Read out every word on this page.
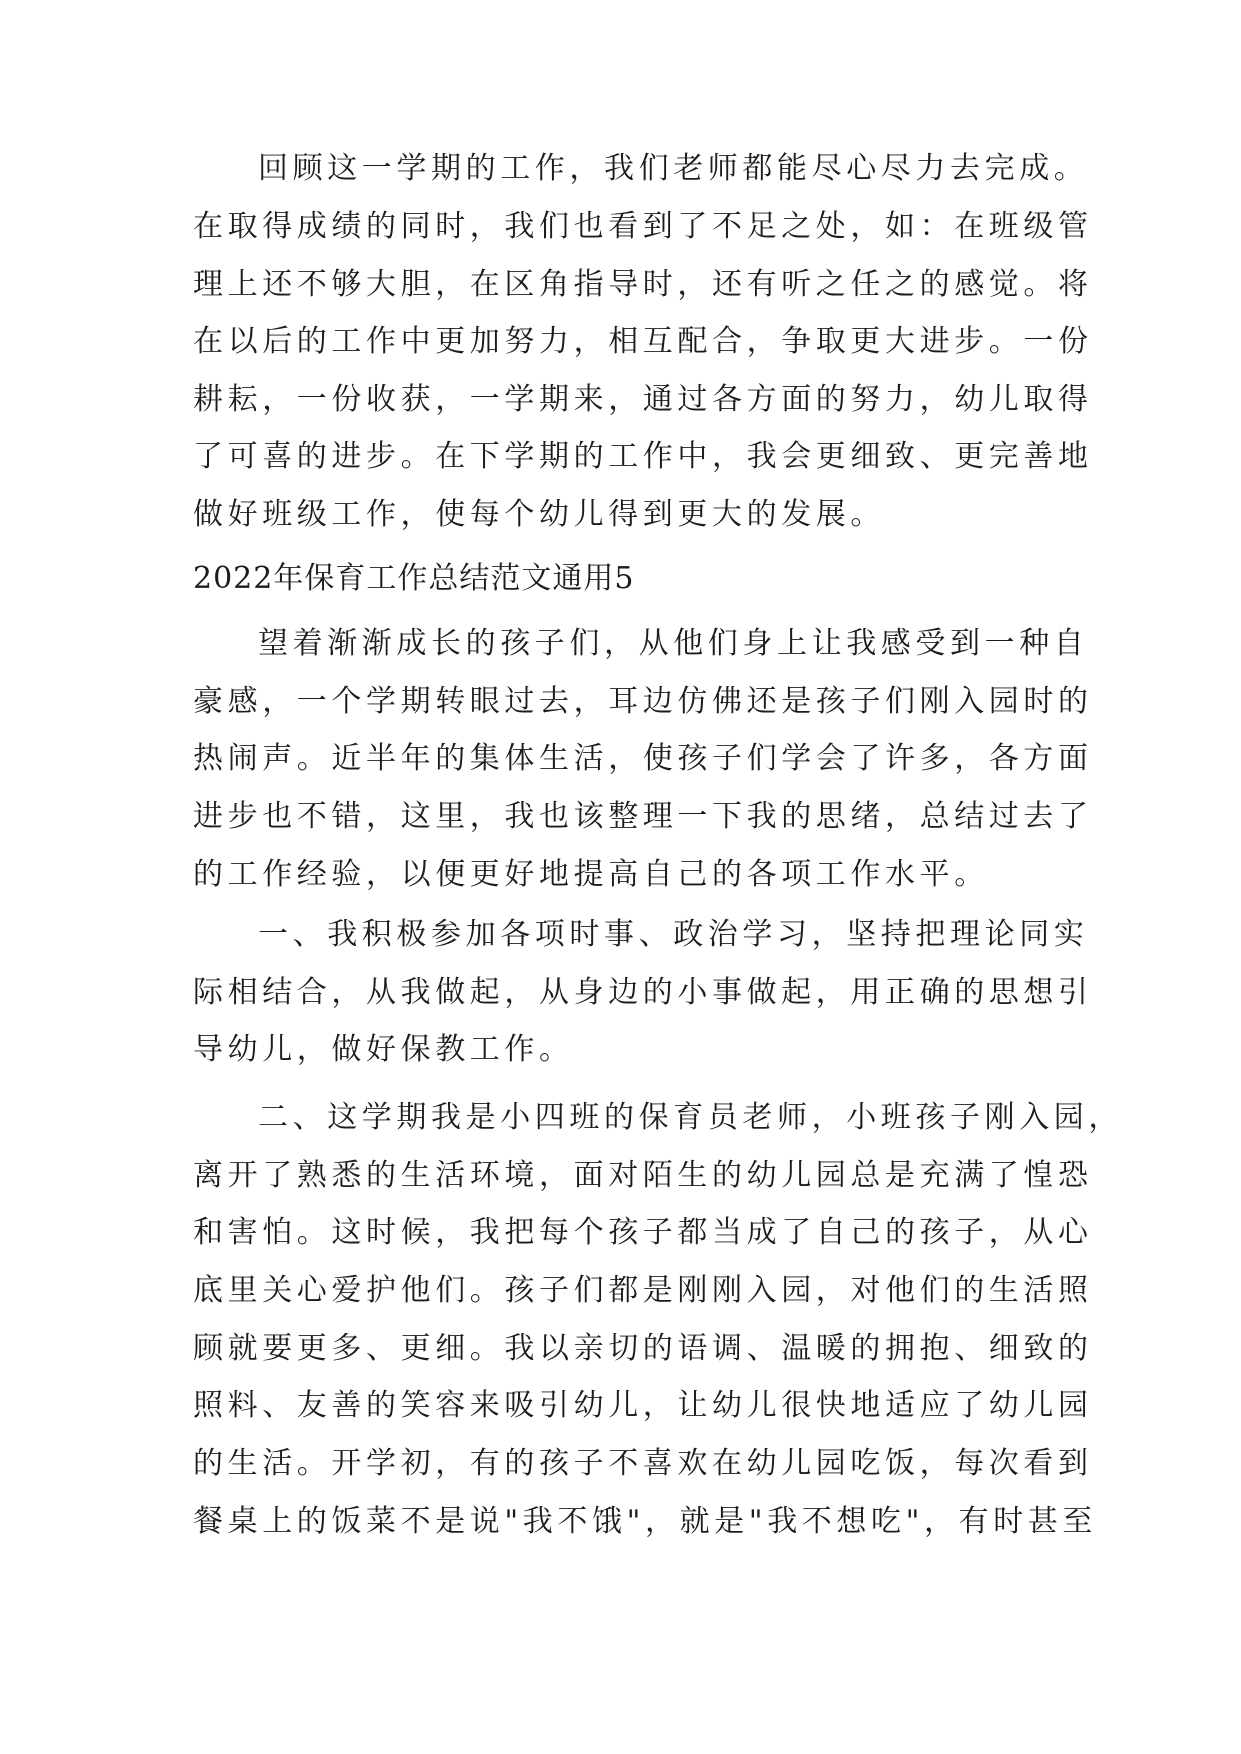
回顾这一学期的工作，我们老师都能尽心尽力去完成。
在取得成绩的同时，我们也看到了不足之处，如：在班级管
理上还不够大胆，在区角指导时，还有听之任之的感觉。将
在以后的工作中更加努力，相互配合，争取更大进步。一份
耕耘，一份收获，一学期来，通过各方面的努力，幼儿取得
了可喜的进步。在下学期的工作中，我会更细致、更完善地
做好班级工作，使每个幼儿得到更大的发展。
2022年保育工作总结范文通用5
望着渐渐成长的孩子们，从他们身上让我感受到一种自
豪感，一个学期转眼过去，耳边仿佛还是孩子们刚入园时的
热闹声。近半年的集体生活，使孩子们学会了许多，各方面
进步也不错，这里，我也该整理一下我的思绪，总结过去了
的工作经验，以便更好地提高自己的各项工作水平。
一、我积极参加各项时事、政治学习，坚持把理论同实
际相结合，从我做起，从身边的小事做起，用正确的思想引
导幼儿，做好保教工作。
二、这学期我是小四班的保育员老师，小班孩子刚入园，
离开了熟悉的生活环境，面对陌生的幼儿园总是充满了惶恐
和害怕。这时候，我把每个孩子都当成了自己的孩子，从心
底里关心爱护他们。孩子们都是刚刚入园，对他们的生活照
顾就要更多、更细。我以亲切的语调、温暖的拥抱、细致的
照料、友善的笑容来吸引幼儿，让幼儿很快地适应了幼儿园
的生活。开学初，有的孩子不喜欢在幼儿园吃饭，每次看到
餐桌上的饭菜不是说"我不饿"，就是"我不想吃"，有时甚至
